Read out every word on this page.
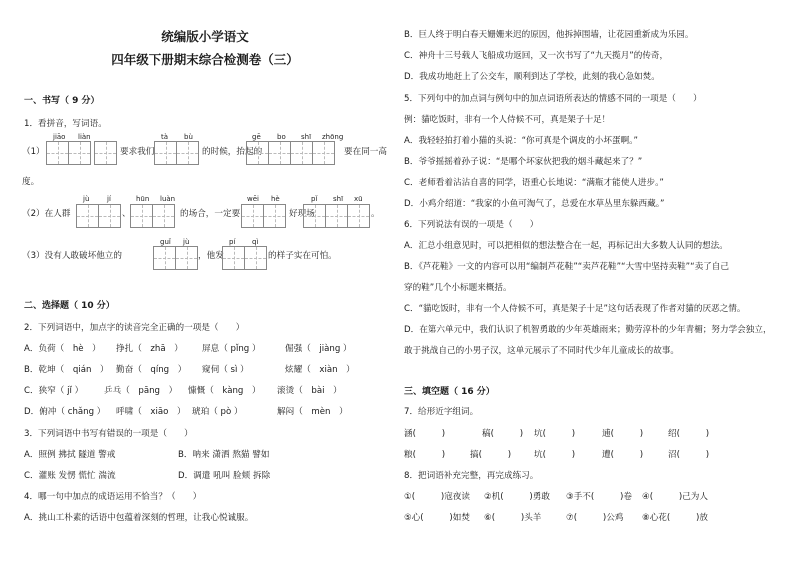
统编版小学语文
四年级下册期末综合检测卷（三）
一、书写（ 9 分）
1．看拼音，写词语。
jiāo liàn	tà bù	gē bo shī zhōng
（1）	要求我们	的时候，抬起的	要在同一高
度。
jù	jí	hūn luàn	wēi hè	pǐ shī xū
（2）在人群	、	的场合，一定要	好现场	。
guǐ jù	pí qì
（3）没有人敢破坏他立的	，他发	的样子实在可怕。
二、选择题（ 10 分）
2．下列词语中，加点字的读音完全正确的一项是（　　）
A．负荷（　hè　） 挣扎（　zhā　） 屏息（ pǐng ）	倔强（　jiàng ）
B．乾坤（　qián　） 勤奋（　qíng　） 窥伺（ sì ）	炫耀（　xiàn　）
C．狭窄（ jǐ ） 乒乓（　pāng　） 慷慨（　kàng　） 滚烫（　bài　）
D．俯冲（ chǎng ） 呼啸（　xiāo　） 琥珀（ pò ）	解闷（　mèn　）
3．下列词语中书写有错误的一项是（　　）
A．照例 拂拭 隧道 警戒	B．呐来 潇洒 熬猫 譬如
C．灌账 发愣 慌忙 湍流	D．调遣 吼叫 脸颊 拆除
4．哪一句中加点的成语运用不恰当？（　　）
A．挑山工朴素的话语中包蕴着深刻的哲理，让我心悦诚服。
B．巨人终于明白春天姗姗来迟的原因，他拆掉围墙，让花园重新成为乐园。
C．神舟十三号载人飞船成功返回，又一次书写了“九天揽月”的传奇，
D．我成功地赶上了公交车，顺利到达了学校，此刻的我心急如焚。
5．下列句中的加点词与例句中的加点词语所表达的情感不同的一项是（　　）
例：貓吃饭时，非有一个人侍候不可，真是架子十足！
A．我轻轻拍打着小猫的头说：“你可真是个调皮的小坏蛋啊。”
B．爷爷摇摇着孙子说：“是哪个坏家伙把我的烟斗藏起来了？”
C．老师看着沾沾自喜的同学，语重心长地说：“满瓶才能使人进步。”
D．小鸡介绍道：“我家的小鱼可淘气了，总爱在水草丛里东躲西藏。”
6．下列说法有误的一项是（　　）
A．汇总小组意见时，可以把相似的想法整合在一起，再标记出大多数人认同的想法。
B．《芦花鞋》一文的内容可以用“编制芦花鞋”“卖芦花鞋”“大雪中坚持卖鞋”“卖了自己
穿的鞋”几个小标题来概括。
C．“貓吃饭时，非有一个人侍候不可，真是架子十足”这句话表现了作者对貓的厌恶之情。
D．在第六单元中，我们认识了机智勇敢的少年英雄雨来；勤劳淳朴的少年青楣；努力学会独立，
敢于挑战自己的小男子汉，这单元展示了不同时代少年儿童成长的故事。
三、填空题（ 16 分）
7．给形近字组词。
涵(　　　)	稿(　　　) 坑(　　　)	逋(　　　)	绍(　　　)
粮(　　　)	搞(　　　)	坑(　　　)	遭(　　　)	沼(　　　)
8．把词语补充完整，再完成练习。
①(　　　)寇夜读 ②机(　　　)勇敢 ③手不(　　　)卷 ④(　　　)己为人
⑤心(　　　)如焚 ⑥(　　　)头羊	⑦(　　　)公鸡 ⑧心花(　　　)放
